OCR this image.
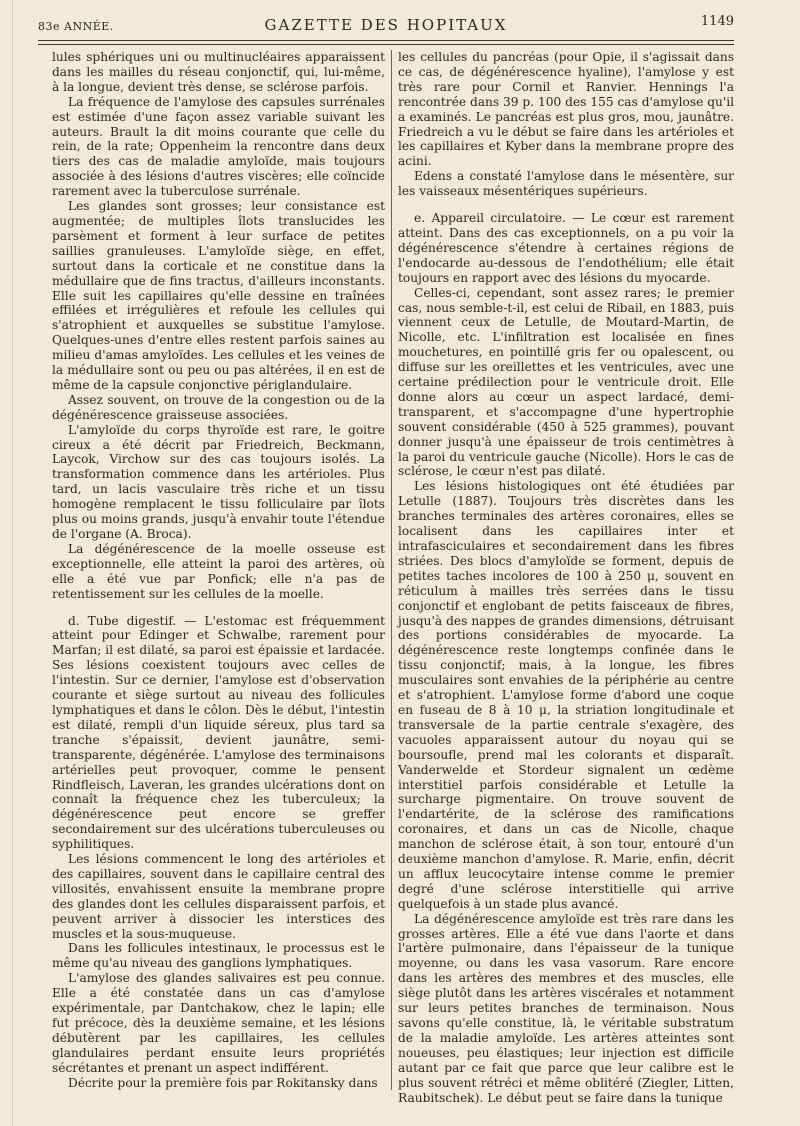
83e ANNÉE.	GAZETTE DES HOPITAUX	1149

lules sphériques uni ou multinucléaires apparaissent dans les mailles du réseau conjonctif, qui, lui-même, à la longue, devient très dense, se sclérose parfois.

La fréquence de l'amylose des capsules surrénales est estimée d'une façon assez variable suivant les auteurs. Brault la dit moins courante que celle du rein, de la rate; Oppenheim la rencontre dans deux tiers des cas de maladie amyloïde, mais toujours associée à des lésions d'autres viscères; elle coïncide rarement avec la tuberculose surrénale.

Les glandes sont grosses; leur consistance est augmentée; de multiples îlots translucides les parsèment et forment à leur surface de petites saillies granuleuses. L'amyloïde siège, en effet, surtout dans la corticale et ne constitue dans la médullaire que de fins tractus, d'ailleurs inconstants. Elle suit les capillaires qu'elle dessine en traînées effilées et irrégulières et refoule les cellules qui s'atrophient et auxquelles se substitue l'amylose. Quelques-unes d'entre elles restent parfois saines au milieu d'amas amyloïdes. Les cellules et les veines de la médullaire sont ou peu ou pas altérées, il en est de même de la capsule conjonctive périglandulaire.

Assez souvent, on trouve de la congestion ou de la dégénérescence graisseuse associées.

L'amyloïde du corps thyroïde est rare, le goitre cireux a été décrit par Friedreich, Beckmann, Laycok, Virchow sur des cas toujours isolés. La transformation commence dans les artérioles. Plus tard, un lacis vasculaire très riche et un tissu homogène remplacent le tissu folliculaire par îlots plus ou moins grands, jusqu'à envahir toute l'étendue de l'organe (A. Broca).

La dégénérescence de la moelle osseuse est exceptionnelle, elle atteint la paroi des artères, où elle a été vue par Ponfick; elle n'a pas de retentissement sur les cellules de la moelle.

d. Tube digestif. — L'estomac est fréquemment atteint pour Edinger et Schwalbe, rarement pour Marfan; il est dilaté, sa paroi est épaissie et lardacée. Ses lésions coexistent toujours avec celles de l'intestin. Sur ce dernier, l'amylose est d'observation courante et siège surtout au niveau des follicules lymphatiques et dans le côlon. Dès le début, l'intestin est dilaté, rempli d'un liquide séreux, plus tard sa tranche s'épaissit, devient jaunâtre, semi-transparente, dégénérée. L'amylose des terminaisons artérielles peut provoquer, comme le pensent Rindfleisch, Laveran, les grandes ulcérations dont on connaît la fréquence chez les tuberculeux; la dégénérescence peut encore se greffer secondairement sur des ulcérations tuberculeuses ou syphilitiques.

Les lésions commencent le long des artérioles et des capillaires, souvent dans le capillaire central des villosités, envahissent ensuite la membrane propre des glandes dont les cellules disparaissent parfois, et peuvent arriver à dissocier les interstices des muscles et la sous-muqueuse.

Dans les follicules intestinaux, le processus est le même qu'au niveau des ganglions lymphatiques.

L'amylose des glandes salivaires est peu connue. Elle a été constatée dans un cas d'amylose expérimentale, par Dantchakow, chez le lapin; elle fut précoce, dès la deuxième semaine, et les lésions débutèrent par les capillaires, les cellules glandulaires perdant ensuite leurs propriétés sécrétantes et prenant un aspect indifférent.

Décrite pour la première fois par Rokitansky dans

les cellules du pancréas (pour Opie, il s'agissait dans ce cas, de dégénérescence hyaline), l'amylose y est très rare pour Cornil et Ranvier. Hennings l'a rencontrée dans 39 p. 100 des 155 cas d'amylose qu'il a examinés. Le pancréas est plus gros, mou, jaunâtre. Friedreich a vu le début se faire dans les artérioles et les capillaires et Kyber dans la membrane propre des acini.

Edens a constaté l'amylose dans le mésentère, sur les vaisseaux mésentériques supérieurs.

e. Appareil circulatoire. — Le cœur est rarement atteint. Dans des cas exceptionnels, on a pu voir la dégénérescence s'étendre à certaines régions de l'endocarde au-dessous de l'endothélium; elle était toujours en rapport avec des lésions du myocarde.

Celles-ci, cependant, sont assez rares; le premier cas, nous semble-t-il, est celui de Ribail, en 1883, puis viennent ceux de Letulle, de Moutard-Martin, de Nicolle, etc. L'infiltration est localisée en fines mouchetures, en pointillé gris fer ou opalescent, ou diffuse sur les oreillettes et les ventricules, avec une certaine prédilection pour le ventricule droit. Elle donne alors au cœur un aspect lardacé, demi-transparent, et s'accompagne d'une hypertrophie souvent considérable (450 à 525 grammes), pouvant donner jusqu'à une épaisseur de trois centimètres à la paroi du ventricule gauche (Nicolle). Hors le cas de sclérose, le cœur n'est pas dilaté.

Les lésions histologiques ont été étudiées par Letulle (1887). Toujours très discrètes dans les branches terminales des artères coronaires, elles se localisent dans les capillaires inter et intrafasciculaires et secondairement dans les fibres striées. Des blocs d'amyloïde se forment, depuis de petites taches incolores de 100 à 250 μ, souvent en réticulum à mailles très serrées dans le tissu conjonctif et englobant de petits faisceaux de fibres, jusqu'à des nappes de grandes dimensions, détruisant des portions considérables de myocarde. La dégénérescence reste longtemps confinée dans le tissu conjonctif; mais, à la longue, les fibres musculaires sont envahies de la périphérie au centre et s'atrophient. L'amylose forme d'abord une coque en fuseau de 8 à 10 μ, la striation longitudinale et transversale de la partie centrale s'exagère, des vacuoles apparaissent autour du noyau qui se boursoufle, prend mal les colorants et disparaît. Vanderwelde et Stordeur signalent un œdème interstitiel parfois considérable et Letulle la surcharge pigmentaire. On trouve souvent de l'endartérite, de la sclérose des ramifications coronaires, et dans un cas de Nicolle, chaque manchon de sclérose était, à son tour, entouré d'un deuxième manchon d'amylose. R. Marie, enfin, décrit un afflux leucocytaire intense comme le premier degré d'une sclérose interstitielle qui arrive quelquefois à un stade plus avancé.

La dégénérescence amyloïde est très rare dans les grosses artères. Elle a été vue dans l'aorte et dans l'artère pulmonaire, dans l'épaisseur de la tunique moyenne, ou dans les vasa vasorum. Rare encore dans les artères des membres et des muscles, elle siège plutôt dans les artères viscérales et notamment sur leurs petites branches de terminaison. Nous savons qu'elle constitue, là, le véritable substratum de la maladie amyloïde. Les artères atteintes sont noueuses, peu élastiques; leur injection est difficile autant par ce fait que parce que leur calibre est le plus souvent rétréci et même oblitéré (Ziegler, Litten, Raubitschek). Le début peut se faire dans la tunique
